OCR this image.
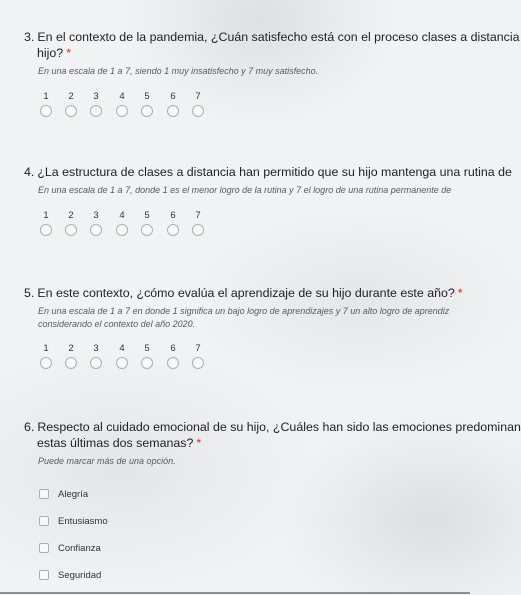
3. En el contexto de la pandemia, ¿Cuán satisfecho está con el proceso clases a distancia
hijo? *
En una escala de 1 a 7, siendo 1 muy insatisfecho y 7 muy satisfecho.
1	2	3	4	5	6	7
4. ¿La estructura de clases a distancia han permitido que su hijo mantenga una rutina de
En una escala de 1 a 7, donde 1 es el menor logro de la rutina y 7 el logro de una rutina permanente de
1	2	3	4	5	6	7
5. En este contexto, ¿cómo evalúa el aprendizaje de su hijo durante este año? *
En una escala de 1 a 7 en donde 1 significa un bajo logro de aprendizajes y 7 un alto logro de aprendiz
considerando el contexto del año 2020.
1	2	3	4	5	6	7
6. Respecto al cuidado emocional de su hijo, ¿Cuáles han sido las emociones predominan
estas últimas dos semanas? *
Puede marcar más de una opción.
Alegría
Entusiasmo
Confianza
Seguridad
